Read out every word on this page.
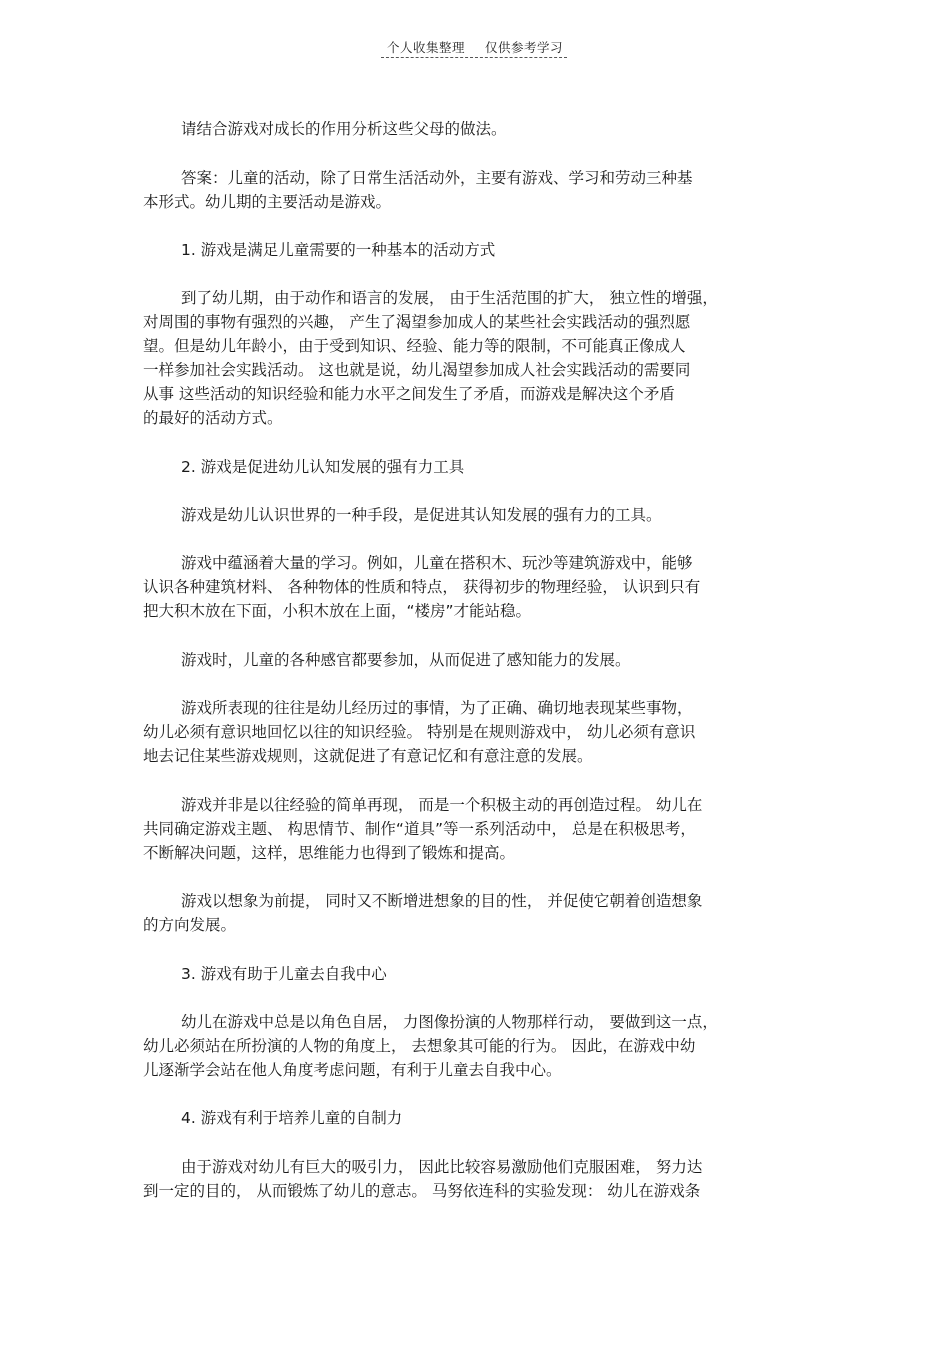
个人收集整理 仅供参考学习
请结合游戏对成长的作用分析这些父母的做法。
答案：儿童的活动，除了日常生活活动外，主要有游戏、学习和劳动三种基
本形式。幼儿期的主要活动是游戏。
1. 游戏是满足儿童需要的一种基本的活动方式
到了幼儿期，由于动作和语言的发展， 由于生活范围的扩大， 独立性的增强，
对周围的事物有强烈的兴趣， 产生了渴望参加成人的某些社会实践活动的强烈愿
望。但是幼儿年龄小，由于受到知识、经验、能力等的限制，不可能真正像成人
一样参加社会实践活动。 这也就是说，幼儿渴望参加成人社会实践活动的需要同
从事 这些活动的知识经验和能力水平之间发生了矛盾，而游戏是解决这个矛盾
的最好的活动方式。
2. 游戏是促进幼儿认知发展的强有力工具
游戏是幼儿认识世界的一种手段，是促进其认知发展的强有力的工具。
游戏中蕴涵着大量的学习。例如，儿童在搭积木、玩沙等建筑游戏中，能够
认识各种建筑材料、 各种物体的性质和特点， 获得初步的物理经验， 认识到只有
把大积木放在下面，小积木放在上面，“楼房”才能站稳。
游戏时，儿童的各种感官都要参加，从而促进了感知能力的发展。
游戏所表现的往往是幼儿经历过的事情，为了正确、确切地表现某些事物，
幼儿必须有意识地回忆以往的知识经验。 特别是在规则游戏中， 幼儿必须有意识
地去记住某些游戏规则，这就促进了有意记忆和有意注意的发展。
游戏并非是以往经验的简单再现， 而是一个积极主动的再创造过程。 幼儿在
共同确定游戏主题、 构思情节、制作“道具”等一系列活动中， 总是在积极思考，
不断解决问题，这样，思维能力也得到了锻炼和提高。
游戏以想象为前提， 同时又不断增进想象的目的性， 并促使它朝着创造想象
的方向发展。
3. 游戏有助于儿童去自我中心
幼儿在游戏中总是以角色自居， 力图像扮演的人物那样行动， 要做到这一点，
幼儿必须站在所扮演的人物的角度上， 去想象其可能的行为。 因此，在游戏中幼
儿逐渐学会站在他人角度考虑问题，有利于儿童去自我中心。
4. 游戏有利于培养儿童的自制力
由于游戏对幼儿有巨大的吸引力， 因此比较容易激励他们克服困难， 努力达
到一定的目的， 从而锻炼了幼儿的意志。 马努依连科的实验发现： 幼儿在游戏条
